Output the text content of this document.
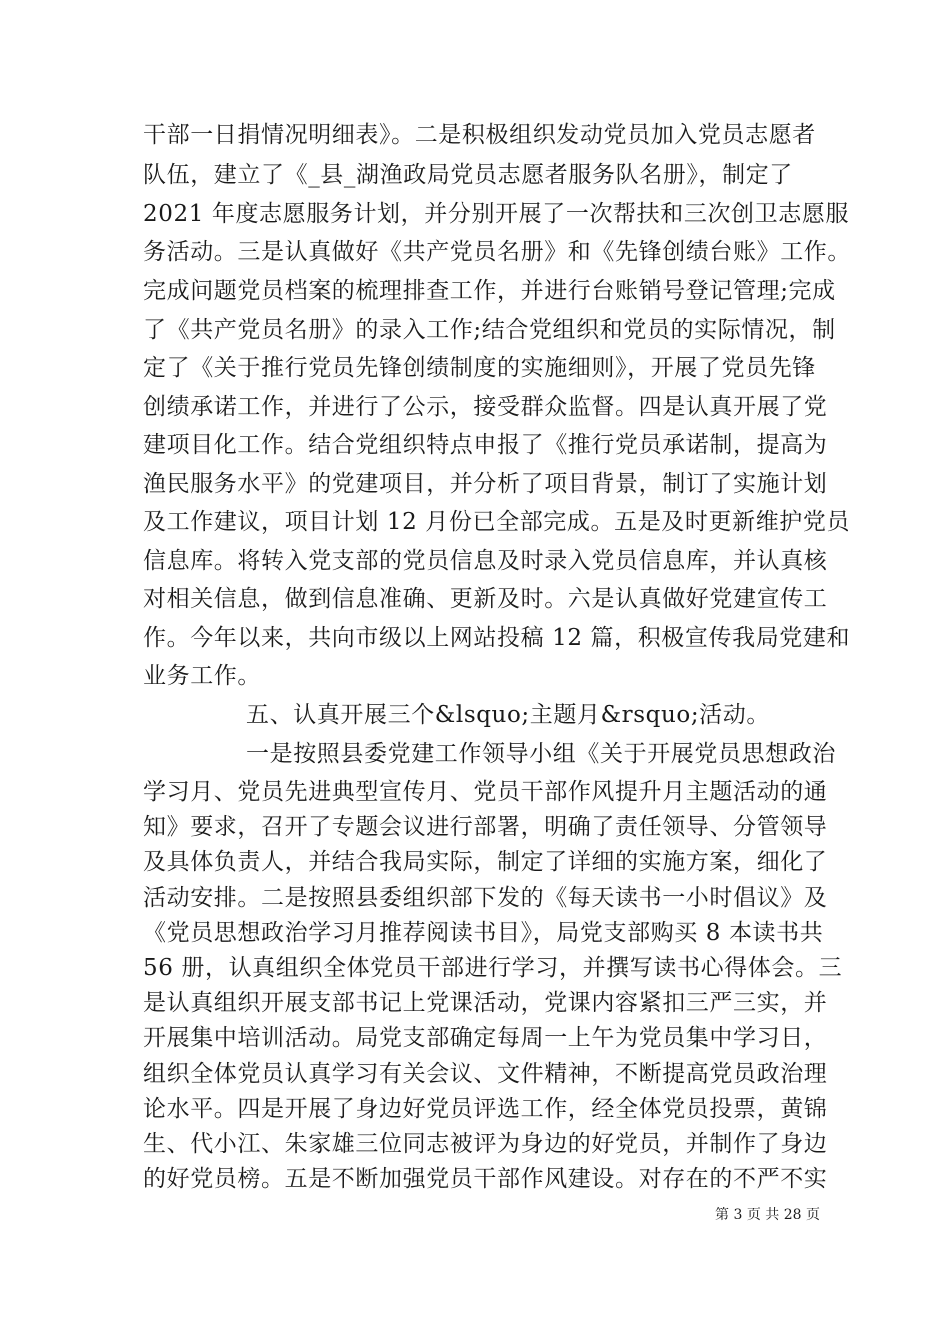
干部一日捐情况明细表》。二是积极组织发动党员加入党员志愿者
队伍，建立了《_县_湖渔政局党员志愿者服务队名册》，制定了
2021 年度志愿服务计划，并分别开展了一次帮扶和三次创卫志愿服
务活动。三是认真做好《共产党员名册》和《先锋创绩台账》工作。
完成问题党员档案的梳理排查工作，并进行台账销号登记管理;完成
了《共产党员名册》的录入工作;结合党组织和党员的实际情况，制
定了《关于推行党员先锋创绩制度的实施细则》，开展了党员先锋
创绩承诺工作，并进行了公示，接受群众监督。四是认真开展了党
建项目化工作。结合党组织特点申报了《推行党员承诺制，提高为
渔民服务水平》的党建项目，并分析了项目背景，制订了实施计划
及工作建议，项目计划 12 月份已全部完成。五是及时更新维护党员
信息库。将转入党支部的党员信息及时录入党员信息库，并认真核
对相关信息，做到信息准确、更新及时。六是认真做好党建宣传工
作。今年以来，共向市级以上网站投稿 12 篇，积极宣传我局党建和
业务工作。
五、认真开展三个&lsquo;主题月&rsquo;活动。
一是按照县委党建工作领导小组《关于开展党员思想政治
学习月、党员先进典型宣传月、党员干部作风提升月主题活动的通
知》要求，召开了专题会议进行部署，明确了责任领导、分管领导
及具体负责人，并结合我局实际，制定了详细的实施方案，细化了
活动安排。二是按照县委组织部下发的《每天读书一小时倡议》及
《党员思想政治学习月推荐阅读书目》，局党支部购买 8 本读书共
56 册，认真组织全体党员干部进行学习，并撰写读书心得体会。三
是认真组织开展支部书记上党课活动，党课内容紧扣三严三实，并
开展集中培训活动。局党支部确定每周一上午为党员集中学习日，
组织全体党员认真学习有关会议、文件精神，不断提高党员政治理
论水平。四是开展了身边好党员评选工作，经全体党员投票，黄锦
生、代小江、朱家雄三位同志被评为身边的好党员，并制作了身边
的好党员榜。五是不断加强党员干部作风建设。对存在的不严不实
第 3 页 共 28 页
